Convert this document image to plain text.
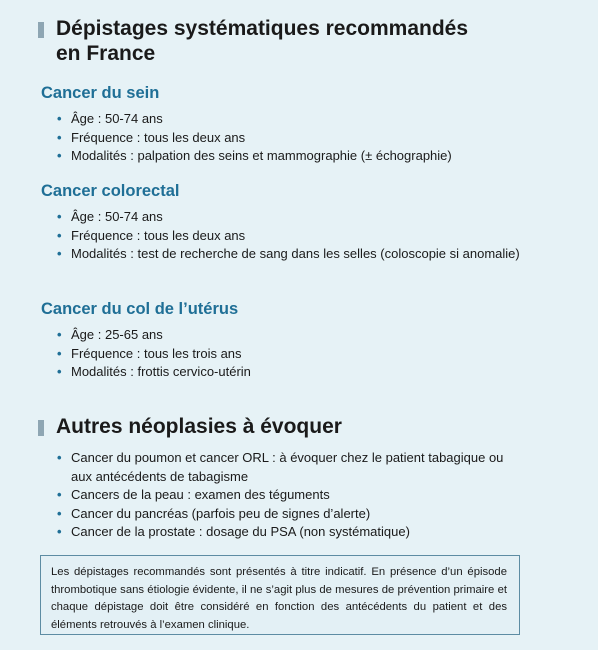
Dépistages systématiques recommandés
en France
Cancer du sein
• Âge : 50-74 ans
• Fréquence : tous les deux ans
• Modalités : palpation des seins et mammographie (± échographie)
Cancer colorectal
• Âge : 50-74 ans
• Fréquence : tous les deux ans
• Modalités : test de recherche de sang dans les selles (coloscopie si anomalie)
Cancer du col de l’utérus
• Âge : 25-65 ans
• Fréquence : tous les trois ans
• Modalités : frottis cervico-utérin
Autres néoplasies à évoquer
• Cancer du poumon et cancer ORL : à évoquer chez le patient tabagique ou aux antécédents de tabagisme
• Cancers de la peau : examen des téguments
• Cancer du pancréas (parfois peu de signes d’alerte)
• Cancer de la prostate : dosage du PSA (non systématique)
Les dépistages recommandés sont présentés à titre indicatif. En présence d’un épisode thrombotique sans étiologie évidente, il ne s’agit plus de mesures de prévention primaire et chaque dépistage doit être considéré en fonction des antécédents du patient et des éléments retrouvés à l’examen clinique.
